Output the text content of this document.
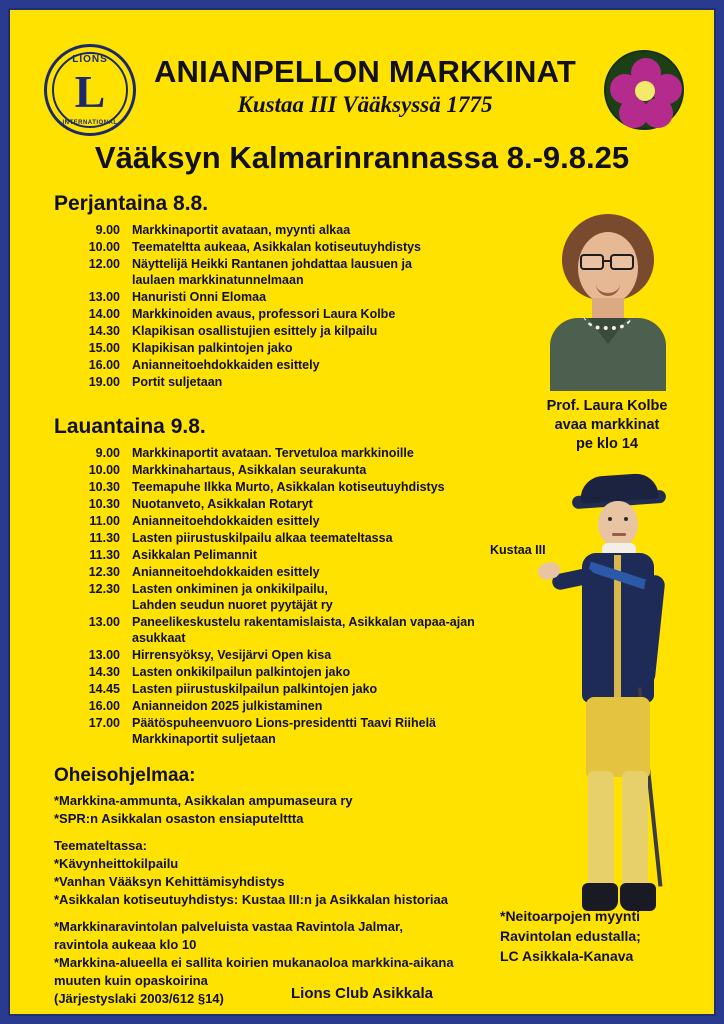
LIONS
L
INTERNATIONAL
ANIANPELLON MARKKINAT
Kustaa III Vääksyssä 1775
Vääksyn Kalmarinrannassa 8.-9.8.25
Perjantaina 8.8.
9.00 Markkinaportit avataan, myynti alkaa
10.00 Teemateltta aukeaa, Asikkalan kotiseutuyhdistys
12.00 Näyttelijä Heikki Rantanen johdattaa lausuen ja
laulaen markkinatunnelmaan
13.00 Hanuristi Onni Elomaa
14.00 Markkinoiden avaus, professori Laura Kolbe
14.30 Klapikisan osallistujien esittely ja kilpailu
15.00 Klapikisan palkintojen jako
16.00 Anianneitoehdokkaiden esittely
19.00 Portit suljetaan
Lauantaina 9.8.
9.00 Markkinaportit avataan. Tervetuloa markkinoille
10.00 Markkinahartaus, Asikkalan seurakunta
10.30 Teemapuhe Ilkka Murto, Asikkalan kotiseutuyhdistys
10.30 Nuotanveto, Asikkalan Rotaryt
11.00 Anianneitoehdokkaiden esittely
11.30 Lasten piirustuskilpailu alkaa teemateltassa
11.30 Asikkalan Pelimannit
12.30 Anianneitoehdokkaiden esittely
12.30 Lasten onkiminen ja onkikilpailu,
Lahden seudun nuoret pyytäjät ry
13.00 Paneelikeskustelu rakentamislaista, Asikkalan vapaa-ajan asukkaat
13.00 Hirrensyöksy, Vesijärvi Open kisa
14.30 Lasten onkikilpailun palkintojen jako
14.45 Lasten piirustuskilpailun palkintojen jako
16.00 Anianneidon 2025 julkistaminen
17.00 Päätöspuheenvuoro Lions-presidentti Taavi Riihelä
Markkinaportit suljetaan
Oheisohjelmaa:

*Markkina-ammunta, Asikkalan ampumaseura ry

*SPR:n Asikkalan osaston ensiaputelttta

Teemateltassa:

*Kävynheittokilpailu

*Vanhan Vääksyn Kehittämisyhdistys

*Asikkalan kotiseutuyhdistys: Kustaa III:n ja Asikkalan historiaa

*Markkinaravintolan palveluista vastaa Ravintola Jalmar,

ravintola aukeaa klo 10

*Markkina-alueella ei sallita koirien mukanaoloa markkina-aikana

muuten kuin opaskoirina

(Järjestyslaki 2003/612 §14)	Lions Club Asikkala
Prof. Laura Kolbe
avaa markkinat
pe klo 14
Kustaa III
*Neitoarpojen myynti
Ravintolan edustalla;
LC Asikkala-Kanava
